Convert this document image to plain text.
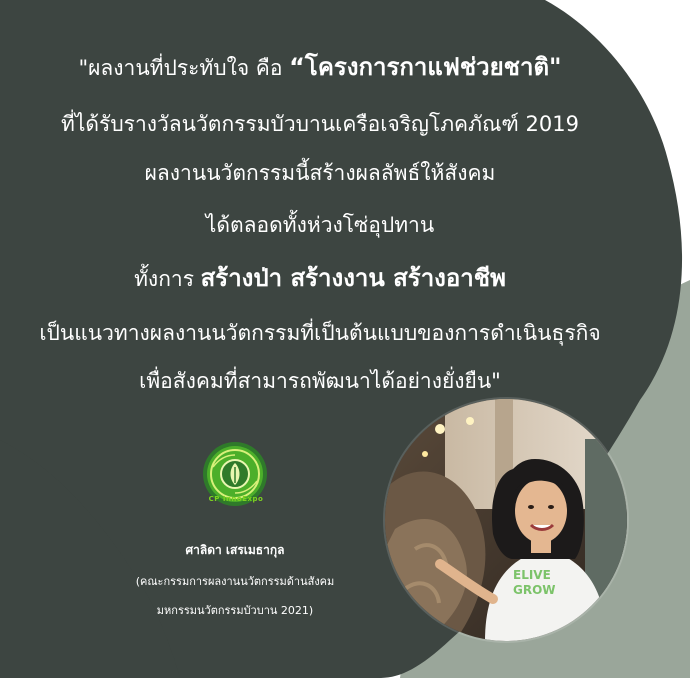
"ผลงานที่ประทับใจ คือ “โครงการกาแฟช่วยชาติ"
ที่ได้รับรางวัลนวัตกรรมบัวบานเครือเจริญโภคภัณฑ์ 2019
ผลงานนวัตกรรมนี้สร้างผลลัพธ์ให้สังคม
ได้ตลอดทั้งห่วงโซ่อุปทาน
ทั้งการ สร้างป่า สร้างงาน สร้างอาชีพ
เป็นแนวทางผลงานนวัตกรรมที่เป็นต้นแบบของการดำเนินธุรกิจ
เพื่อสังคมที่สามารถพัฒนาได้อย่างยั่งยืน"
CP InnoExpo
ศาลิดา เสรเมธากุล
(คณะกรรมการผลงานนวัตกรรมด้านสังคม
มหกรรมนวัตกรรมบัวบาน 2021)
ELIVE
GROW
